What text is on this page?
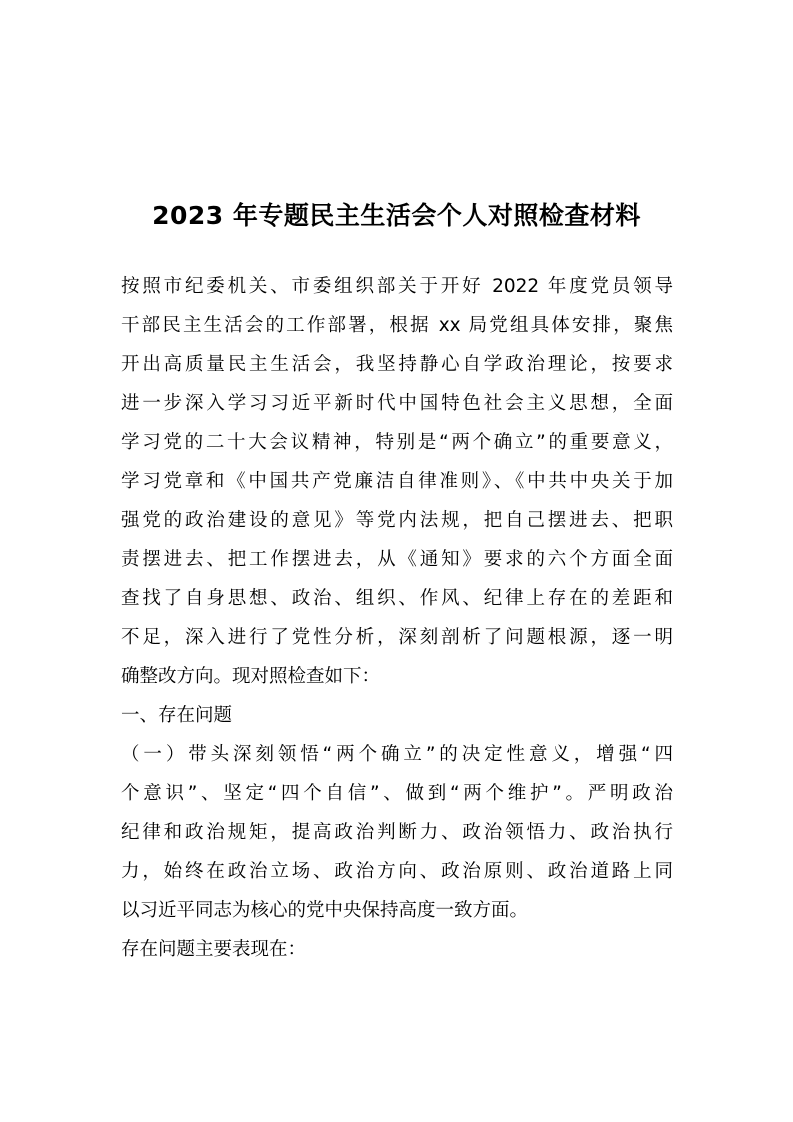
2023 年专题民主生活会个人对照检查材料
按照市纪委机关、市委组织部关于开好 2022 年度党员领导
干部民主生活会的工作部署，根据 xx 局党组具体安排，聚焦
开出高质量民主生活会，我坚持静心自学政治理论，按要求
进一步深入学习习近平新时代中国特色社会主义思想，全面
学习党的二十大会议精神，特别是“两个确立”的重要意义，
学习党章和《中国共产党廉洁自律准则》、《中共中央关于加
强党的政治建设的意见》等党内法规，把自己摆进去、把职
责摆进去、把工作摆进去，从《通知》要求的六个方面全面
查找了自身思想、政治、组织、作风、纪律上存在的差距和
不足，深入进行了党性分析，深刻剖析了问题根源，逐一明
确整改方向。现对照检查如下：
一、存在问题
（一）带头深刻领悟“两个确立”的决定性意义，增强“四
个意识”、坚定“四个自信”、做到“两个维护”。严明政治
纪律和政治规矩，提高政治判断力、政治领悟力、政治执行
力，始终在政治立场、政治方向、政治原则、政治道路上同
以习近平同志为核心的党中央保持高度一致方面。
存在问题主要表现在：
